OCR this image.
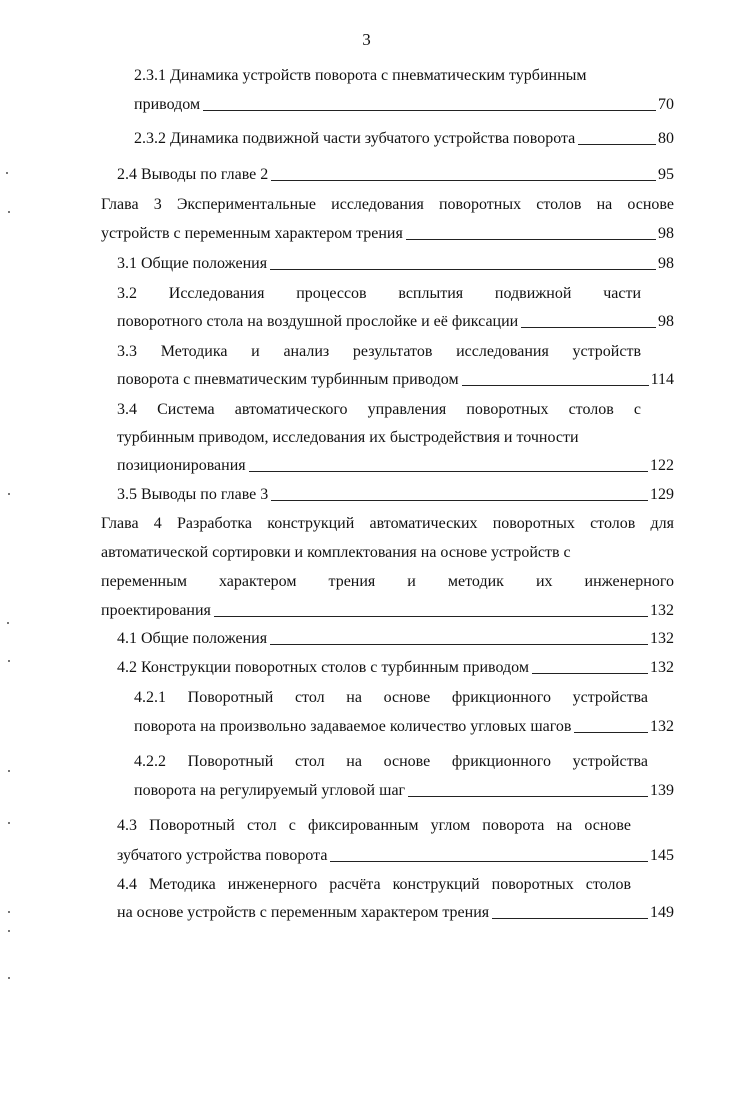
3
2.3.1 Динамика устройств поворота с пневматическим турбинным
приводом	70
2.3.2 Динамика подвижной части зубчатого устройства поворота	80
2.4 Выводы по главе 2	95
Глава 3 Экспериментальные исследования поворотных столов на основе
устройств с переменным характером трения	98
3.1 Общие положения	98
3.2 Исследования процессов всплытия подвижной части
поворотного стола на воздушной прослойке и её фиксации	98
3.3 Методика и анализ результатов исследования устройств
поворота с пневматическим турбинным приводом	114
3.4 Система автоматического управления поворотных столов с
турбинным приводом, исследования их быстродействия и точности
позиционирования	122
3.5 Выводы по главе 3	129
Глава 4 Разработка конструкций автоматических поворотных столов для
автоматической сортировки и комплектования на основе устройств с
переменным характером трения и методик их инженерного
проектирования	132
4.1 Общие положения	132
4.2 Конструкции поворотных столов с турбинным приводом	132
4.2.1 Поворотный стол на основе фрикционного устройства
поворота на произвольно задаваемое количество угловых шагов	132
4.2.2 Поворотный стол на основе фрикционного устройства
поворота на регулируемый угловой шаг	139
4.3 Поворотный стол с фиксированным углом поворота на основе
зубчатого устройства поворота	145
4.4 Методика инженерного расчёта конструкций поворотных столов
на основе устройств с переменным характером трения	149
